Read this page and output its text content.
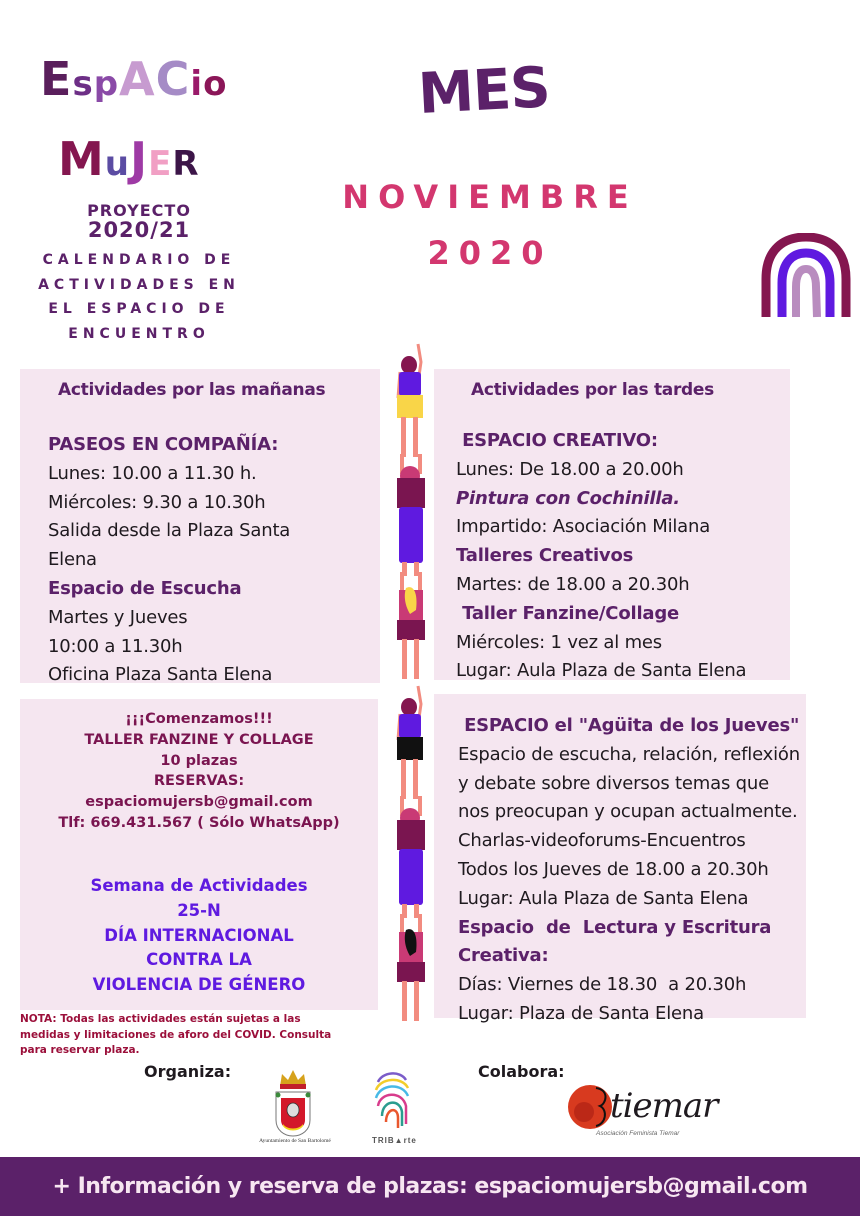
EspACio
MuJER
PROYECTO
2020/21
CALENDARIO DE
ACTIVIDADES EN
EL ESPACIO DE
ENCUENTRO
MES
NOVIEMBRE
2020
Actividades por las mañanas	Actividades por las tardes
PASEOS EN COMPAÑÍA:
Lunes: 10.00 a 11.30 h.
Miércoles: 9.30 a 10.30h
Salida desde la Plaza Santa
Elena
Espacio de Escucha
Martes y Jueves
10:00 a 11.30h
Oficina Plaza Santa Elena
ESPACIO CREATIVO:
Lunes: De 18.00 a 20.00h
Pintura con Cochinilla.
Impartido: Asociación Milana
Talleres Creativos
Martes: de 18.00 a 20.30h
Taller Fanzine/Collage
Miércoles: 1 vez al mes
Lugar: Aula Plaza de Santa Elena
ESPACIO el "Agüita de los Jueves"
Espacio de escucha, relación, reflexión
y debate sobre diversos temas que
nos preocupan y ocupan actualmente.
Charlas-videoforums-Encuentros
Todos los Jueves de 18.00 a 20.30h
Lugar: Aula Plaza de Santa Elena
Espacio  de  Lectura y Escritura
Creativa:
Días: Viernes de 18.30  a 20.30h
Lugar: Plaza de Santa Elena
¡¡¡Comenzamos!!!
TALLER FANZINE Y COLLAGE
10 plazas
RESERVAS:
espaciomujersb@gmail.com
Tlf: 669.431.567 ( Sólo WhatsApp)
Semana de Actividades
25-N
DÍA INTERNACIONAL
CONTRA LA
VIOLENCIA DE GÉNERO
NOTA: Todas las actividades están sujetas a las medidas y limitaciones de aforo del COVID. Consulta para reservar plaza.
Organiza:	Colabora:
Ayuntamiento de San Bartolomé	TRIB▲rte
tiemar
Asociación Feminista Tiemar
+ Información y reserva de plazas: espaciomujersb@gmail.com
